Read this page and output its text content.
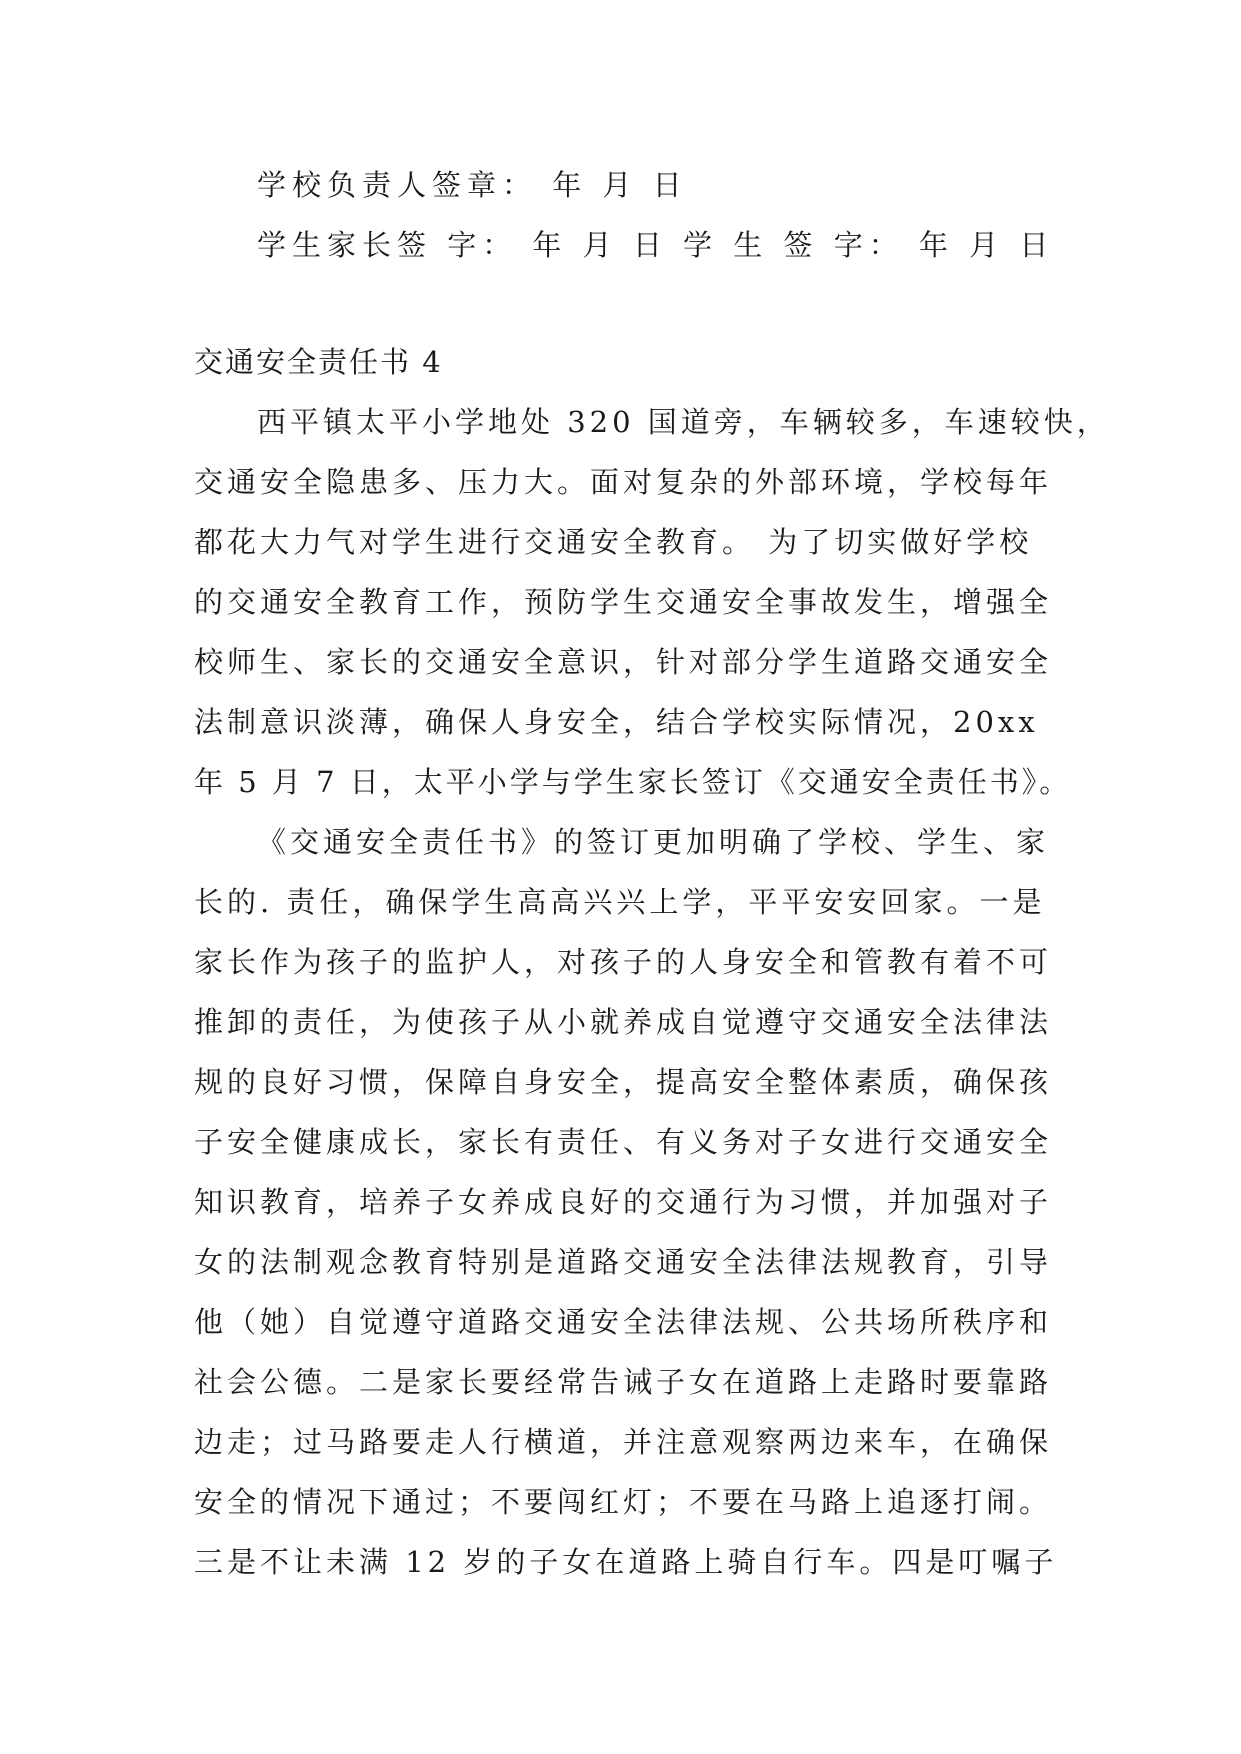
学校负责人签章： 年 月 日
学生家长签 字： 年 月 日 学 生 签 字： 年 月 日
交通安全责任书 4
西平镇太平小学地处 320 国道旁，车辆较多，车速较快，
交通安全隐患多、压力大。面对复杂的外部环境，学校每年
都花大力气对学生进行交通安全教育。 为了切实做好学校
的交通安全教育工作，预防学生交通安全事故发生，增强全
校师生、家长的交通安全意识，针对部分学生道路交通安全
法制意识淡薄，确保人身安全，结合学校实际情况，20xx
年 5 月 7 日，太平小学与学生家长签订《交通安全责任书》。
《交通安全责任书》的签订更加明确了学校、学生、家
长的. 责任，确保学生高高兴兴上学，平平安安回家。一是
家长作为孩子的监护人，对孩子的人身安全和管教有着不可
推卸的责任，为使孩子从小就养成自觉遵守交通安全法律法
规的良好习惯，保障自身安全，提高安全整体素质，确保孩
子安全健康成长，家长有责任、有义务对子女进行交通安全
知识教育，培养子女养成良好的交通行为习惯，并加强对子
女的法制观念教育特别是道路交通安全法律法规教育，引导
他（她）自觉遵守道路交通安全法律法规、公共场所秩序和
社会公德。二是家长要经常告诫子女在道路上走路时要靠路
边走；过马路要走人行横道，并注意观察两边来车，在确保
安全的情况下通过；不要闯红灯；不要在马路上追逐打闹。
三是不让未满 12 岁的子女在道路上骑自行车。四是叮嘱子
